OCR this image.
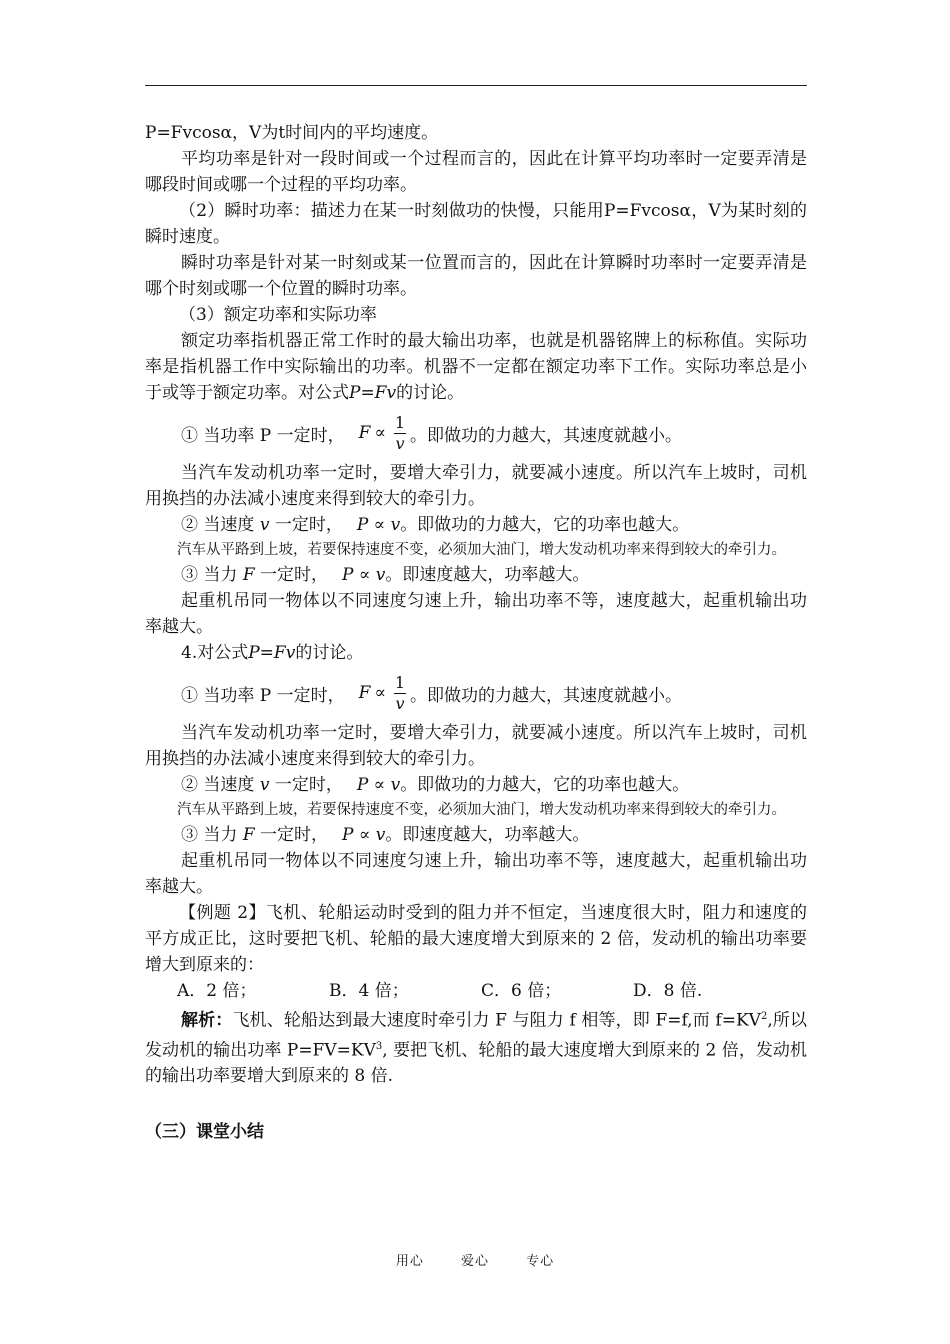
P=Fvcosα，V为t时间内的平均速度。

平均功率是针对一段时间或一个过程而言的，因此在计算平均功率时一定要弄清是哪段时间或哪一个过程的平均功率。

（2）瞬时功率：描述力在某一时刻做功的快慢，只能用P=Fvcosα，V为某时刻的瞬时速度。

瞬时功率是针对某一时刻或某一位置而言的，因此在计算瞬时功率时一定要弄清是哪个时刻或哪一个位置的瞬时功率。

（3）额定功率和实际功率

额定功率指机器正常工作时的最大输出功率，也就是机器铭牌上的标称值。实际功率是指机器工作中实际输出的功率。机器不一定都在额定功率下工作。实际功率总是小于或等于额定功率。对公式P=Fv的讨论。

① 当功率 P 一定时， $F \propto \frac{1}{v}$ 。即做功的力越大，其速度就越小。

当汽车发动机功率一定时，要增大牵引力，就要减小速度。所以汽车上坡时，司机用换挡的办法减小速度来得到较大的牵引力。

② 当速度 v 一定时， P ∝ v。即做功的力越大，它的功率也越大。

汽车从平路到上坡，若要保持速度不变，必须加大油门，增大发动机功率来得到较大的牵引力。

③ 当力 F 一定时， P ∝ v。即速度越大，功率越大。

起重机吊同一物体以不同速度匀速上升，输出功率不等，速度越大，起重机输出功率越大。

4.对公式P=Fv的讨论。

① 当功率 P 一定时， $F \propto \frac{1}{v}$ 。即做功的力越大，其速度就越小。

当汽车发动机功率一定时，要增大牵引力，就要减小速度。所以汽车上坡时，司机用换挡的办法减小速度来得到较大的牵引力。

② 当速度 v 一定时， P ∝ v。即做功的力越大，它的功率也越大。

汽车从平路到上坡，若要保持速度不变，必须加大油门，增大发动机功率来得到较大的牵引力。

③ 当力 F 一定时， P ∝ v。即速度越大，功率越大。

起重机吊同一物体以不同速度匀速上升，输出功率不等，速度越大，起重机输出功率越大。

【例题 2】飞机、轮船运动时受到的阻力并不恒定，当速度很大时，阻力和速度的平方成正比，这时要把飞机、轮船的最大速度增大到原来的 2 倍，发动机的输出功率要增大到原来的：

A．2 倍；	B．4 倍；	C．6 倍；	D．8 倍.

解析：飞机、轮船达到最大速度时牵引力 F 与阻力 f 相等，即 F=f,而 $f=KV^2$,所以发动机的输出功率 $P=FV=KV^3$, 要把飞机、轮船的最大速度增大到原来的 2 倍，发动机的输出功率要增大到原来的 8 倍.

（三）课堂小结

用心	爱心	专心
